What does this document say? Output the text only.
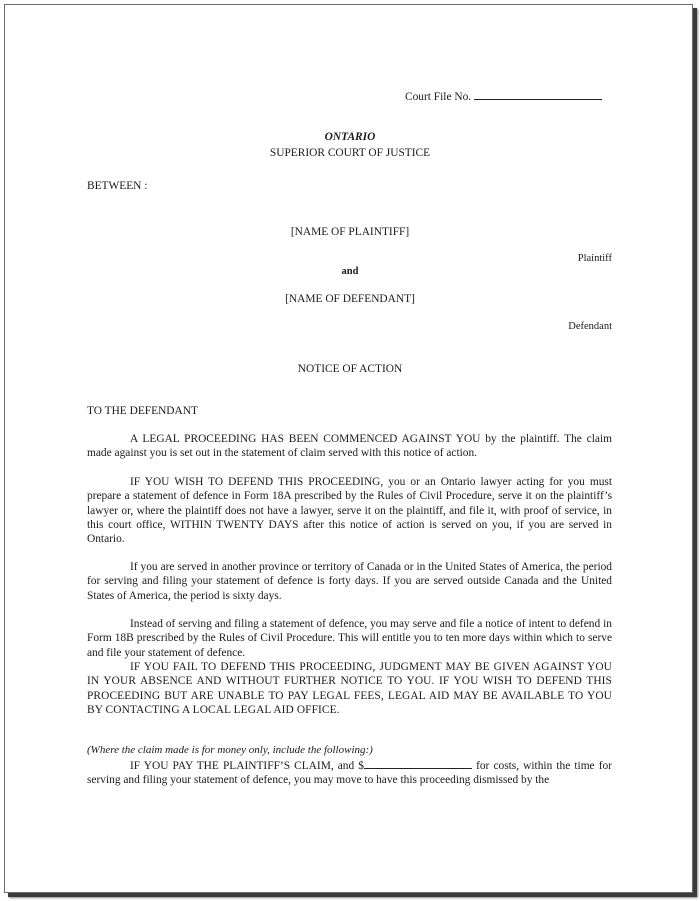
Court File No.
ONTARIO
SUPERIOR COURT OF JUSTICE
BETWEEN :
[NAME OF PLAINTIFF]
Plaintiff
and
[NAME OF DEFENDANT]
Defendant
NOTICE OF ACTION
TO THE DEFENDANT

A LEGAL PROCEEDING HAS BEEN COMMENCED AGAINST YOU by the plaintiff. The claim made against you is set out in the statement of claim served with this notice of action.

IF YOU WISH TO DEFEND THIS PROCEEDING, you or an Ontario lawyer acting for you must prepare a statement of defence in Form 18A prescribed by the Rules of Civil Procedure, serve it on the plaintiff’s lawyer or, where the plaintiff does not have a lawyer, serve it on the plaintiff, and file it, with proof of service, in this court office, WITHIN TWENTY DAYS after this notice of action is served on you, if you are served in Ontario.

If you are served in another province or territory of Canada or in the United States of America, the period for serving and filing your statement of defence is forty days. If you are served outside Canada and the United States of America, the period is sixty days.

Instead of serving and filing a statement of defence, you may serve and file a notice of intent to defend in Form 18B prescribed by the Rules of Civil Procedure. This will entitle you to ten more days within which to serve and file your statement of defence.

IF YOU FAIL TO DEFEND THIS PROCEEDING, JUDGMENT MAY BE GIVEN AGAINST YOU IN YOUR ABSENCE AND WITHOUT FURTHER NOTICE TO YOU. IF YOU WISH TO DEFEND THIS PROCEEDING BUT ARE UNABLE TO PAY LEGAL FEES, LEGAL AID MAY BE AVAILABLE TO YOU BY CONTACTING A LOCAL LEGAL AID OFFICE.

(Where the claim made is for money only, include the following:)

IF YOU PAY THE PLAINTIFF’S CLAIM, and $	for costs, within the time for serving and filing your statement of defence, you may move to have this proceeding dismissed by the
